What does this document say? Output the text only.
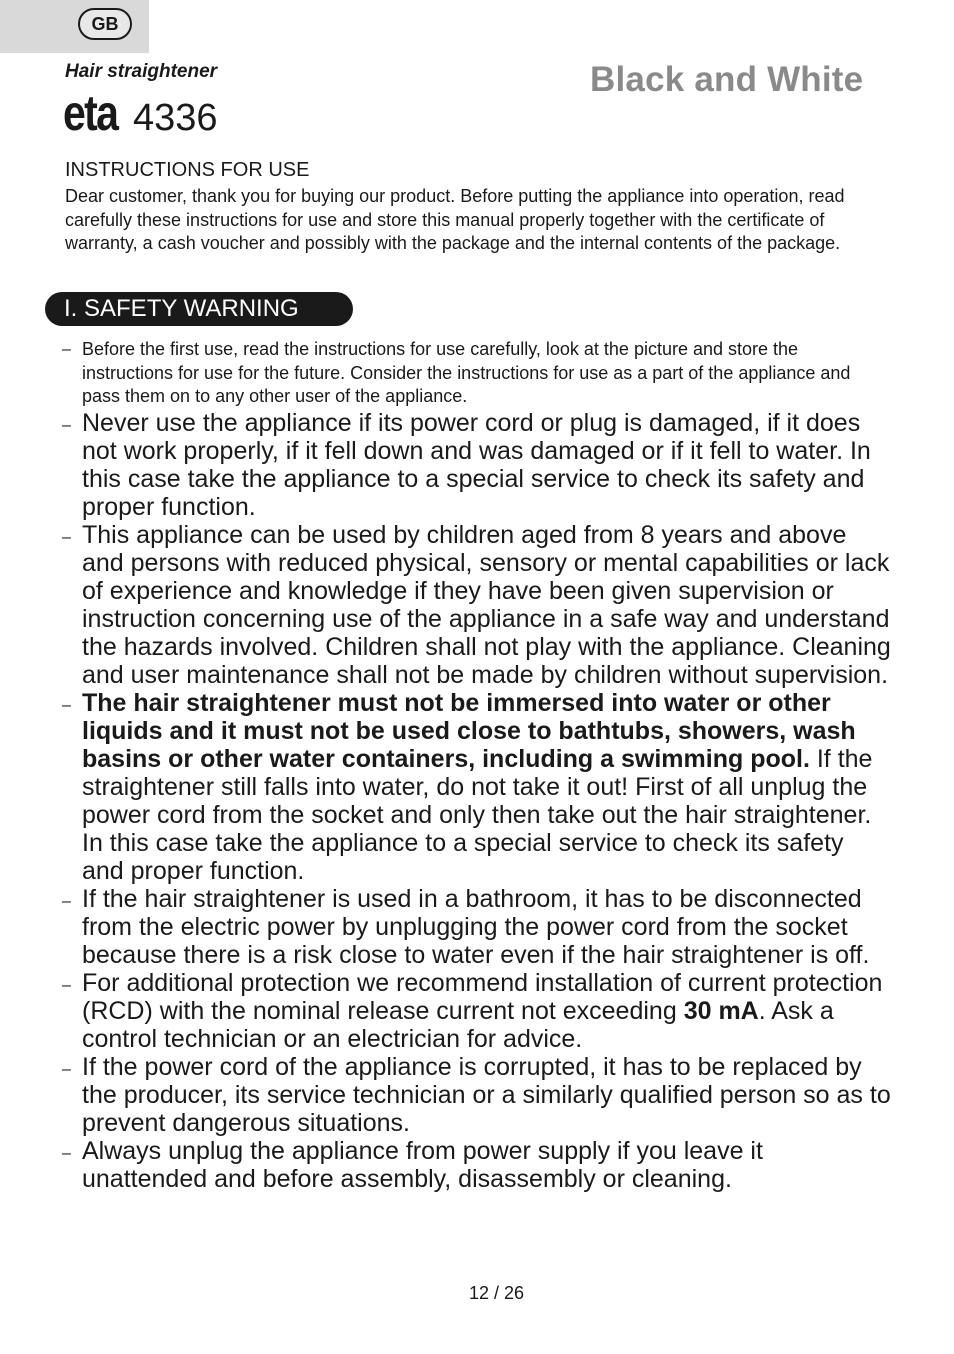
GB
Hair straightener	Black and White
eta 4336
INSTRUCTIONS FOR USE
Dear customer, thank you for buying our product. Before putting the appliance into operation, read carefully these instructions for use and store this manual properly together with the certificate of warranty, a cash voucher and possibly with the package and the internal contents of the package.
I. SAFETY WARNING
– Before the first use, read the instructions for use carefully, look at the picture and store the instructions for use for the future. Consider the instructions for use as a part of the appliance and pass them on to any other user of the appliance.
– Never use the appliance if its power cord or plug is damaged, if it does not work properly, if it fell down and was damaged or if it fell to water. In this case take the appliance to a special service to check its safety and proper function.
– This appliance can be used by children aged from 8 years and above and persons with reduced physical, sensory or mental capabilities or lack of experience and knowledge if they have been given supervision or instruction concerning use of the appliance in a safe way and understand the hazards involved. Children shall not play with the appliance. Cleaning and user maintenance shall not be made by children without supervision.
– The hair straightener must not be immersed into water or other liquids and it must not be used close to bathtubs, showers, wash basins or other water containers, including a swimming pool. If the straightener still falls into water, do not take it out! First of all unplug the power cord from the socket and only then take out the hair straightener. In this case take the appliance to a special service to check its safety and proper function.
– If the hair straightener is used in a bathroom, it has to be disconnected from the electric power by unplugging the power cord from the socket because there is a risk close to water even if the hair straightener is off.
– For additional protection we recommend installation of current protection (RCD) with the nominal release current not exceeding 30 mA. Ask a control technician or an electrician for advice.
– If the power cord of the appliance is corrupted, it has to be replaced by the producer, its service technician or a similarly qualified person so as to prevent dangerous situations.
– Always unplug the appliance from power supply if you leave it unattended and before assembly, disassembly or cleaning.
12 / 26
